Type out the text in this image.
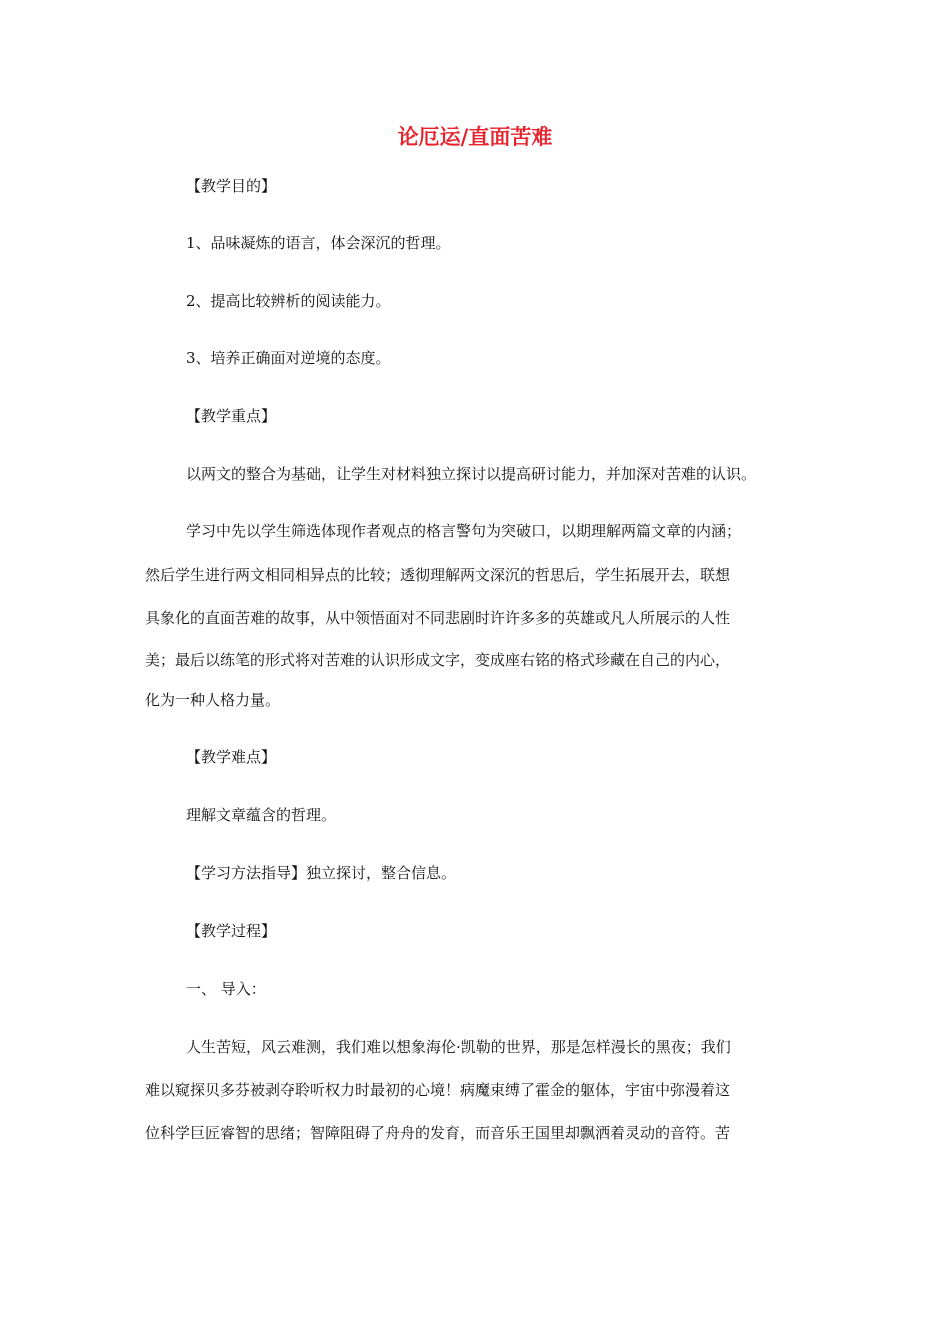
论厄运/直面苦难

【教学目的】

1、品味凝炼的语言，体会深沉的哲理。

2、提高比较辨析的阅读能力。

3、培养正确面对逆境的态度。

【教学重点】

以两文的整合为基础，让学生对材料独立探讨以提高研讨能力，并加深对苦难的认识。

学习中先以学生筛选体现作者观点的格言警句为突破口，以期理解两篇文章的内涵；

然后学生进行两文相同相异点的比较；透彻理解两文深沉的哲思后，学生拓展开去，联想

具象化的直面苦难的故事，从中领悟面对不同悲剧时许许多多的英雄或凡人所展示的人性

美；最后以练笔的形式将对苦难的认识形成文字，变成座右铭的格式珍藏在自己的内心，

化为一种人格力量。

【教学难点】

理解文章蕴含的哲理。

【学习方法指导】独立探讨，整合信息。

【教学过程】

一、 导入：

人生苦短，风云难测，我们难以想象海伦·凯勒的世界，那是怎样漫长的黑夜；我们

难以窥探贝多芬被剥夺聆听权力时最初的心境！病魔束缚了霍金的躯体，宇宙中弥漫着这

位科学巨匠睿智的思绪；智障阻碍了舟舟的发育，而音乐王国里却飘洒着灵动的音符。苦
